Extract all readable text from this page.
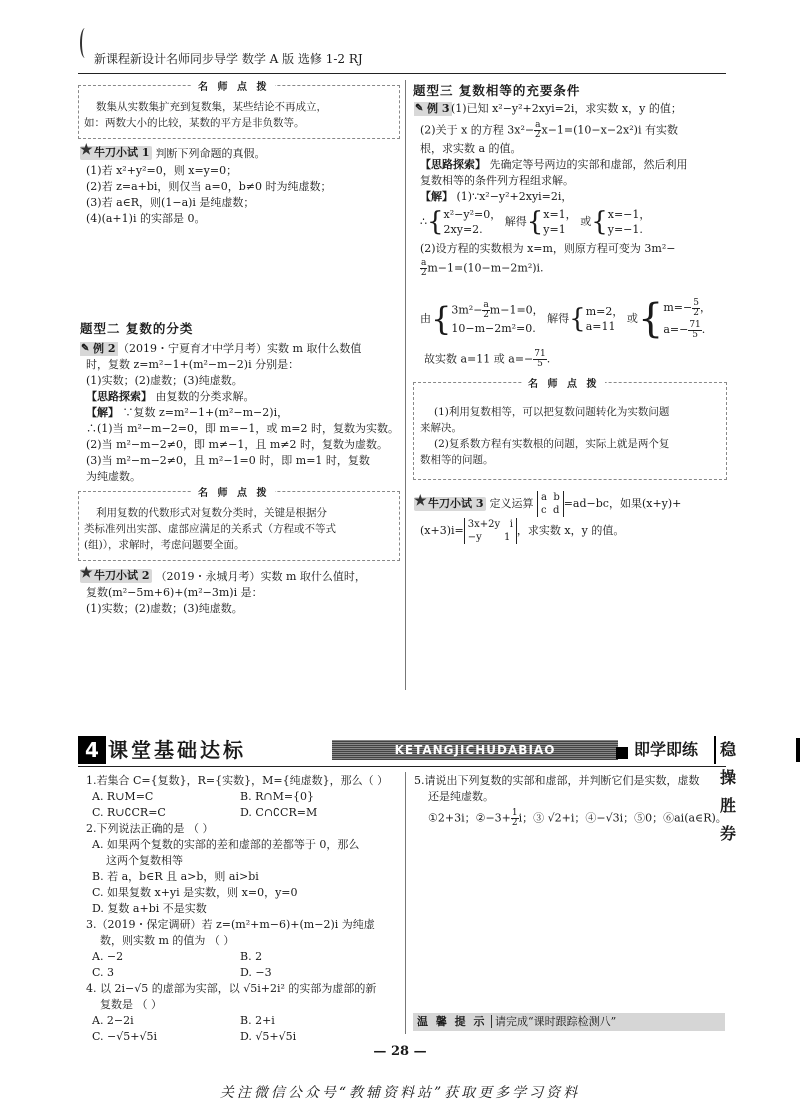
新课程新设计名师同步导学 数学 A 版 选修 1-2 RJ
名 师 点 拨
数集从实数集扩充到复数集，某些结论不再成立，
如：两数大小的比较，某数的平方是非负数等。
★ 牛刀小试 1 判断下列命题的真假。
(1)若 x²+y²=0，则 x=y=0；
(2)若 z=a+bi，则仅当 a=0，b≠0 时为纯虚数；
(3)若 a∈R，则(1−a)i 是纯虚数；
(4)(a+1)i 的实部是 0。
题型二 复数的分类
✎ 例 2 （2019・宁夏育才中学月考）实数 m 取什么数值
时，复数 z=m²−1+(m²−m−2)i 分别是：
(1)实数；(2)虚数；(3)纯虚数。
【思路探索】 由复数的分类求解。
【解】 ∵复数 z=m²−1+(m²−m−2)i，
∴(1)当 m²−m−2=0，即 m=−1，或 m=2 时，复数为实数。
(2)当 m²−m−2≠0，即 m≠−1，且 m≠2 时，复数为虚数。
(3)当 m²−m−2≠0，且 m²−1=0 时，即 m=1 时，复数
为纯虚数。
名 师 点 拨
利用复数的代数形式对复数分类时，关键是根据分
类标准列出实部、虚部应满足的关系式（方程或不等式
(组)），求解时，考虑问题要全面。
★ 牛刀小试 2 （2019・永城月考）实数 m 取什么值时，
复数(m²−5m+6)+(m²−3m)i 是：
(1)实数；(2)虚数；(3)纯虚数。
题型三 复数相等的充要条件
✎ 例 3 (1)已知 x²−y²+2xyi=2i，求实数 x，y 的值；
(2)关于 x 的方程 $3x^2- \frac{a}{2} x-1=(10-x-2x^2)i$ 有实数
根，求实数 a 的值。
【思路探索】 先确定等号两边的实部和虚部，然后利用
复数相等的条件列方程组求解。
【解】 (1)∵x²−y²+2xyi=2i，
∴{ x²−y²=0，
2xy=2.
解得{ x=1，
y=1
或{ x=−1，
y=−1.
(2)设方程的实数根为 x=m，则原方程可变为 3m²−
$\frac{a}{2} m-1=(10-m-2m^2)i$.
由{ $3m^2- \frac{a}{2} m-1=0$，
10−m−2m²=0.
解得{ m=2，
a=11
或{ $m=- \frac{5}{2}$ ，
$a=- \frac{71}{5}$ .
故实数 a=11 或 $a=- \frac{71}{5}$ .
名 师 点 拨
(1)利用复数相等，可以把复数问题转化为实数问题
来解决。
(2)复系数方程有实数根的问题，实际上就是两个复
数相等的问题。
★ 牛刀小试 3 定义运算 a b
c d
=ad−bc，如果(x+y)+
(x+3)i= 3x+2y i
−y 1
，求实数 x，y 的值。
4 课堂基础达标	KETANGJICHUDABIAO	即学即练	稳操胜券
1.若集合 C={复数}，R={实数}，M={纯虚数}，那么（ ）
A. R∪M=C	B. R∩M={0}
C. R∪∁CR=C	D. C∩∁CR=M
2.下列说法正确的是 （ ）
A. 如果两个复数的实部的差和虚部的差都等于 0，那么
这两个复数相等
B. 若 a，b∈R 且 a>b，则 ai>bi
C. 如果复数 x+yi 是实数，则 x=0，y=0
D. 复数 a+bi 不是实数
3.（2019・保定调研）若 z=(m²+m−6)+(m−2)i 为纯虚
数，则实数 m 的值为 （ ）
A. −2	B. 2
C. 3	D. −3
4. 以 2i−√5 的虚部为实部，以 √5i+2i² 的实部为虚部的新
复数是 （ ）
A. 2−2i	B. 2+i
C. −√5+√5i	D. √5+√5i
5.请说出下列复数的实部和虚部，并判断它们是实数，虚数
还是纯虚数。
①2+3i；②−3+ $\frac{1}{2}$ i；③ √2+i；④−√3i；⑤0；⑥ai(a∈R)。
温 馨 提 示 请完成“课时跟踪检测八”
— 28 —
关注微信公众号“教辅资料站”获取更多学习资料
